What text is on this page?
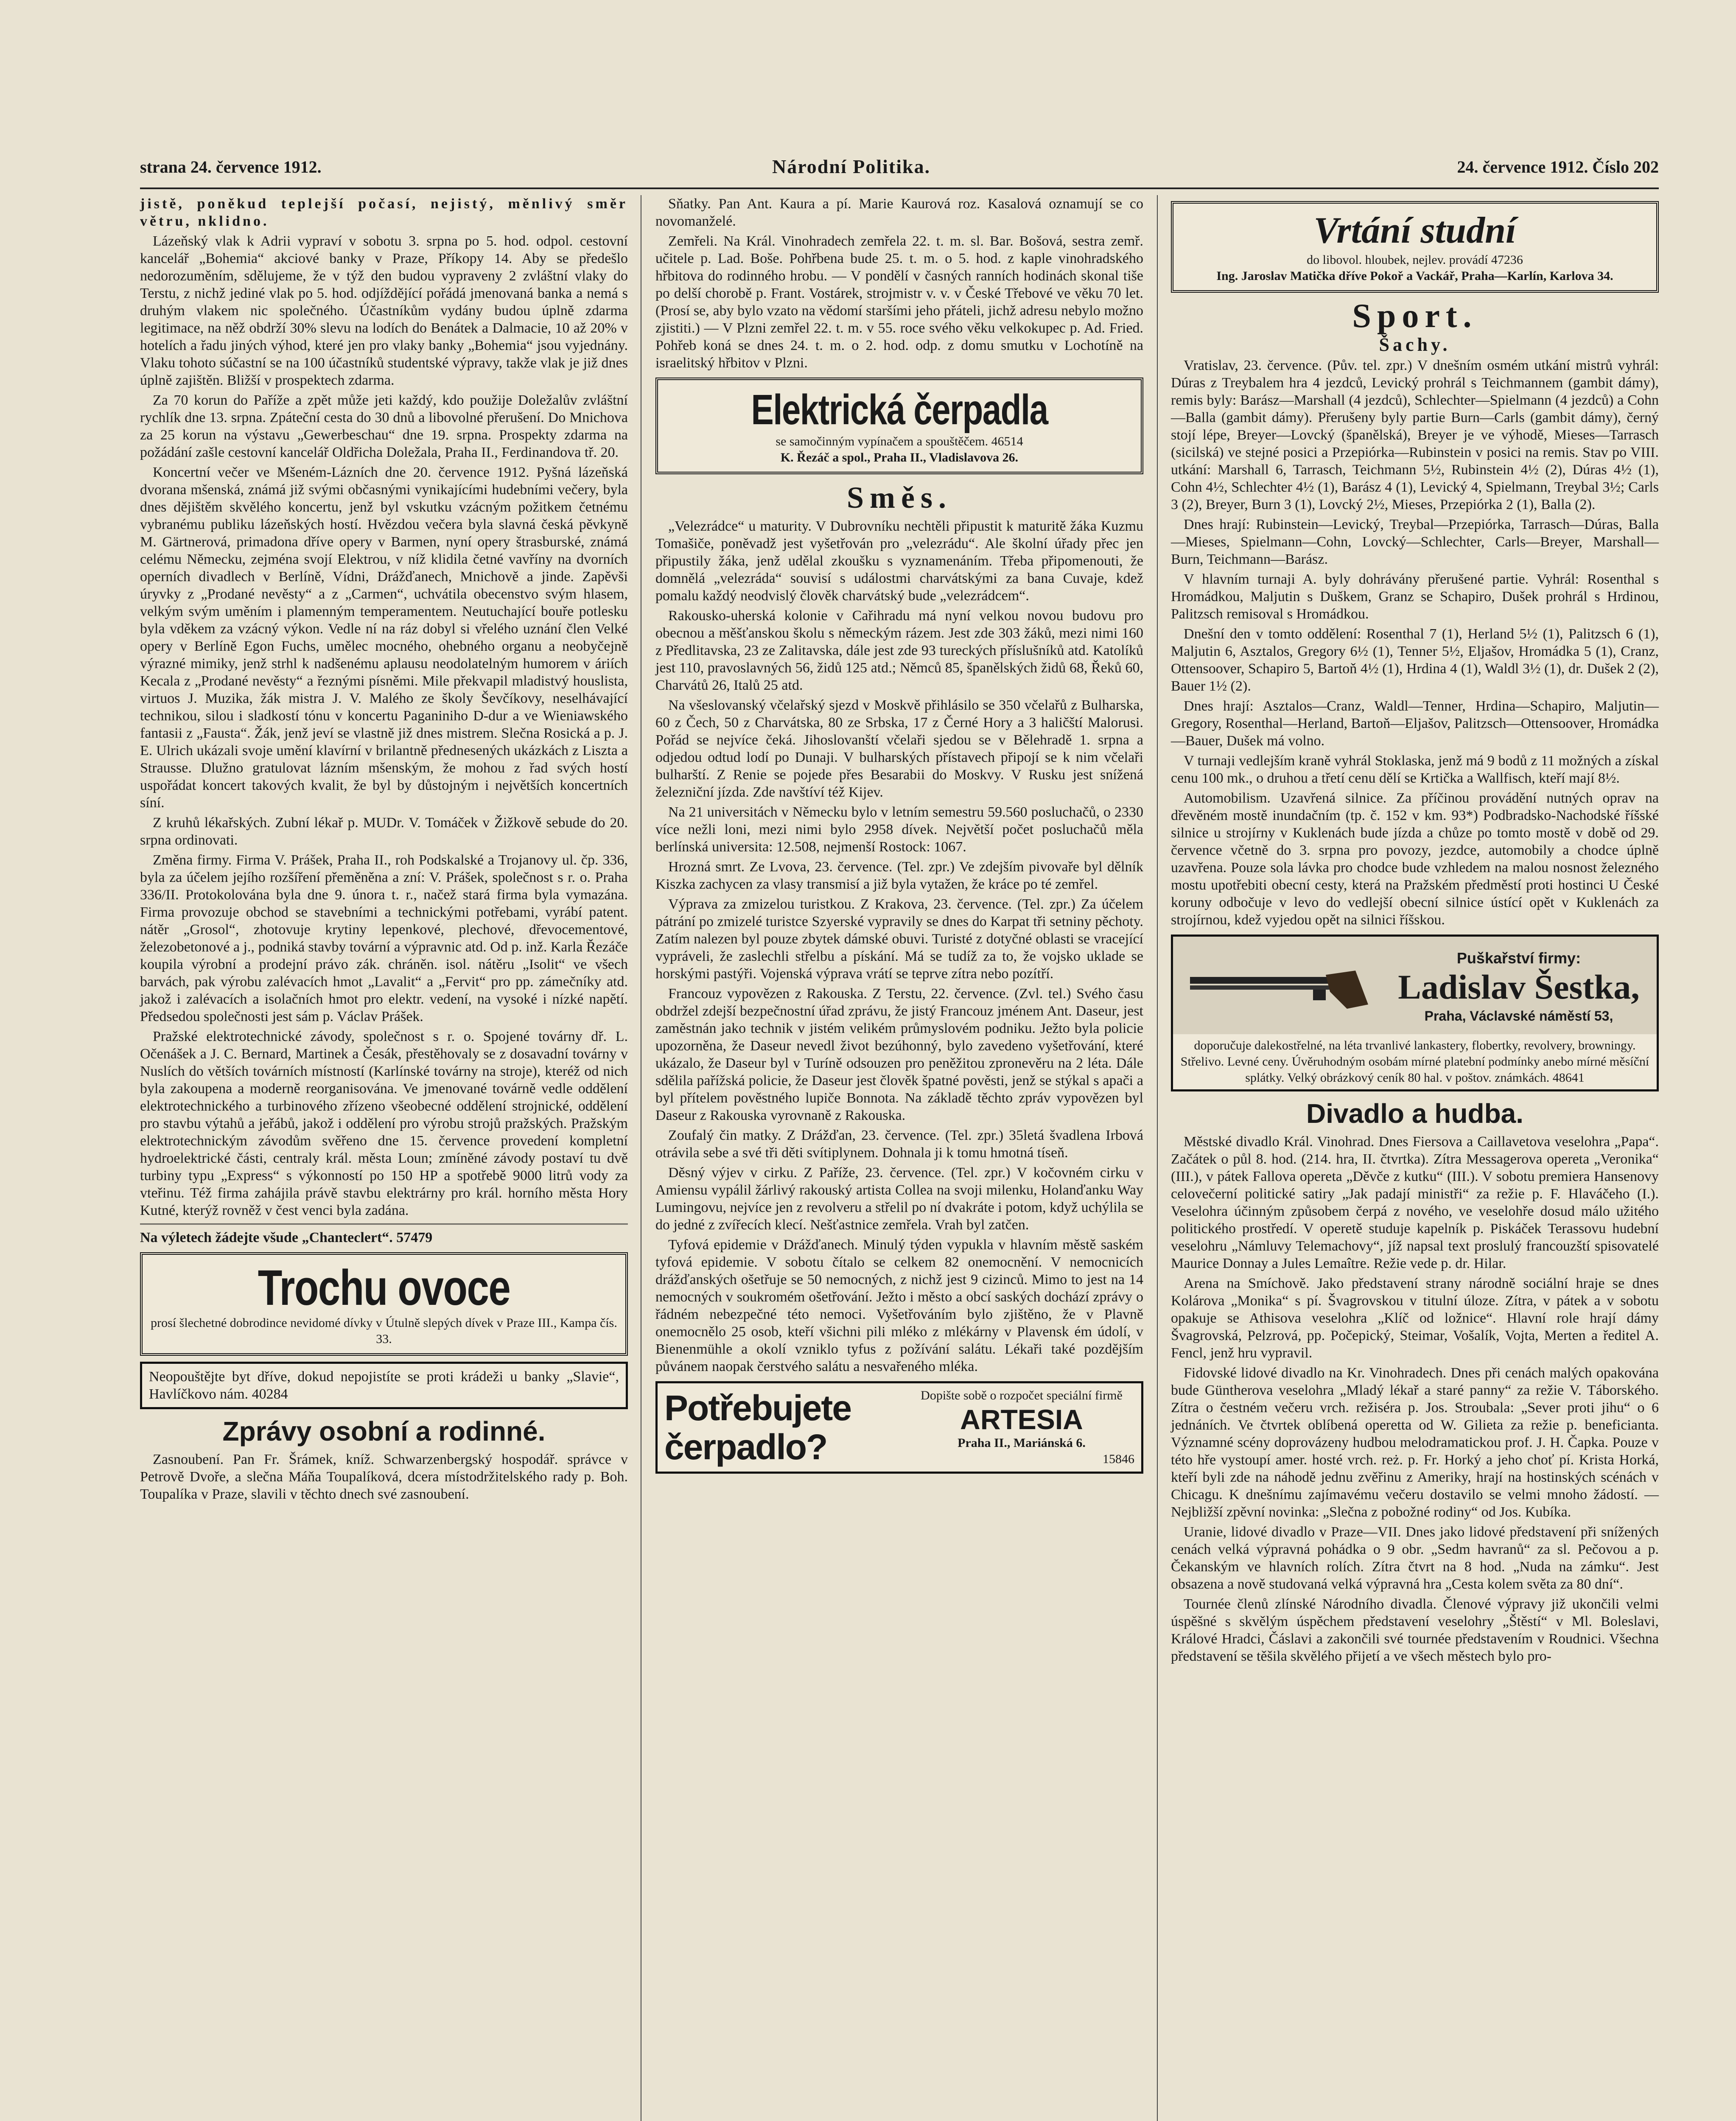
strana 24. července 1912.	Národní Politika.	24. července 1912. Číslo 202

jistě, poněkud teplejší počasí, nejistý, měnlivý směr větru, nklidno.

Lázeňský vlak k Adrii vypraví v sobotu 3. srpna po 5. hod. odpol. cestovní kancelář „Bohemia“ akciové banky v Praze, Příkopy 14. Aby se předešlo nedorozuměním, sdělujeme, že v týž den budou vypraveny 2 zvláštní vlaky do Terstu, z nichž jediné vlak po 5. hod. odjíždějící pořádá jmenovaná banka a nemá s druhým vlakem nic společného. Účastníkům vydány budou úplně zdarma legitimace, na něž obdrží 30% slevu na lodích do Benátek a Dalmacie, 10 až 20% v hotelích a řadu jiných výhod, které jen pro vlaky banky „Bohemia“ jsou vyjednány. Vlaku tohoto súčastní se na 100 účastníků studentské výpravy, takže vlak je již dnes úplně zajištěn. Bližší v prospektech zdarma.

Za 70 korun do Paříže a zpět může jeti každý, kdo použije Doležalův zvláštní rychlík dne 13. srpna. Zpáteční cesta do 30 dnů a libovolné přerušení. Do Mnichova za 25 korun na výstavu „Gewerbeschau“ dne 19. srpna. Prospekty zdarma na požádání zašle cestovní kancelář Oldřicha Doležala, Praha II., Ferdinandova tř. 20.

Koncertní večer ve Mšeném-Lázních dne 20. července 1912. Pyšná lázeňská dvorana mšenská, známá již svými občasnými vynikajícími hudebními večery, byla dnes dějištěm skvělého koncertu, jenž byl vskutku vzácným požitkem četnému vybranému publiku lázeňských hostí. Hvězdou večera byla slavná česká pěvkyně M. Gärtnerová, primadona dříve opery v Barmen, nyní opery štrasburské, známá celému Německu, zejména svojí Elektrou, v níž klidila četné vavříny na dvorních operních divadlech v Berlíně, Vídni, Drážďanech, Mnichově a jinde. Zapěvši úryvky z „Prodané nevěsty“ a z „Carmen“, uchvátila obecenstvo svým hlasem, velkým svým uměním i plamenným temperamentem. Neutuchající bouře potlesku byla vděkem za vzácný výkon. Vedle ní na ráz dobyl si vřelého uznání člen Velké opery v Berlíně Egon Fuchs, umělec mocného, ohebného organu a neobyčejně výrazné mimiky, jenž strhl k nadšenému aplausu neodolatelným humorem v áriích Kecala z „Prodané nevěsty“ a řeznými písněmi. Mile překvapil mladistvý houslista, virtuos J. Muzika, žák mistra J. V. Malého ze školy Ševčíkovy, neselhávající technikou, silou i sladkostí tónu v koncertu Paganiniho D-dur a ve Wieniawského fantasii z „Fausta“. Žák, jenž jeví se vlastně již dnes mistrem. Slečna Rosická a p. J. E. Ulrich ukázali svoje umění klavírní v brilantně přednesených ukázkách z Liszta a Strausse. Dlužno gratulovat lázním mšenským, že mohou z řad svých hostí uspořádat koncert takových kvalit, že byl by důstojným i největších koncertních síní.

Z kruhů lékařských. Zubní lékař p. MUDr. V. Tomáček v Žižkově sebude do 20. srpna ordinovati.

Změna firmy. Firma V. Prášek, Praha II., roh Podskalské a Trojanovy ul. čp. 336, byla za účelem jejího rozšíření přeměněna a zní: V. Prášek, společnost s r. o. Praha 336/II. Protokolována byla dne 9. února t. r., načež stará firma byla vymazána. Firma provozuje obchod se stavebními a technickými potřebami, vyrábí patent. nátěr „Grosol“, zhotovuje krytiny lepenkové, plechové, dřevocementové, železobetonové a j., podniká stavby tovární a výpravnic atd. Od p. inž. Karla Řezáče koupila výrobní a prodejní právo zák. chráněn. isol. nátěru „Isolit“ ve všech barvách, pak výrobu zalévacích hmot „Lavalit“ a „Fervit“ pro pp. zámečníky atd. jakož i zalévacích a isolačních hmot pro elektr. vedení, na vysoké i nízké napětí. Předsedou společnosti jest sám p. Václav Prášek.

Pražské elektrotechnické závody, společnost s r. o. Spojené továrny dř. L. Očenášek a J. C. Bernard, Martinek a Česák, přestěhovaly se z dosavadní továrny v Nuslích do větších továrních místností (Karlínské továrny na stroje), kteréž od nich byla zakoupena a moderně reorganisována. Ve jmenované továrně vedle oddělení elektrotechnického a turbinového zřízeno všeobecné oddělení strojnické, oddělení pro stavbu výtahů a jeřábů, jakož i oddělení pro výrobu strojů pražských. Pražským elektrotechnickým závodům svěřeno dne 15. července provedení kompletní hydroelektrické části, centraly král. města Loun; zmíněné závody postaví tu dvě turbiny typu „Express“ s výkonností po 150 HP a spotřebě 9000 litrů vody za vteřinu. Též firma zahájila právě stavbu elektrárny pro král. horního města Hory Kutné, kterýž rovněž v čest venci byla zadána.

Na výletech žádejte všude „Chanteclert“. 57479

Trochu ovoce
prosí šlechetné dobrodince nevidomé dívky v Útulně slepých dívek v Praze III., Kampa čís. 33.
Neopouštějte byt dříve, dokud nepojistíte se proti krádeži u banky „Slavie“, Havlíčkovo nám. 40284
Zprávy osobní a rodinné.

Zasnoubení. Pan Fr. Šrámek, kníž. Schwarzenbergský hospodář. správce v Petrově Dvoře, a slečna Máňa Toupalíková, dcera místodržitelského rady p. Boh. Toupalíka v Praze, slavili v těchto dnech své zasnoubení.

Sňatky. Pan Ant. Kaura a pí. Marie Kaurová roz. Kasalová oznamují se co novomanželé.

Zemřeli. Na Král. Vinohradech zemřela 22. t. m. sl. Bar. Bošová, sestra zemř. učitele p. Lad. Boše. Pohřbena bude 25. t. m. o 5. hod. z kaple vinohradského hřbitova do rodinného hrobu. — V pondělí v časných ranních hodinách skonal tiše po delší chorobě p. Frant. Vostárek, strojmistr v. v. v České Třebové ve věku 70 let. (Prosí se, aby bylo vzato na vědomí staršími jeho přáteli, jichž adresu nebylo možno zjistiti.) — V Plzni zemřel 22. t. m. v 55. roce svého věku velkokupec p. Ad. Fried. Pohřeb koná se dnes 24. t. m. o 2. hod. odp. z domu smutku v Lochotíně na israelitský hřbitov v Plzni.

Elektrická čerpadla
se samočinným vypínačem a spouštěčem. 46514
K. Řezáč a spol., Praha II., Vladislavova 26.
Směs.

„Velezrádce“ u maturity. V Dubrovníku nechtěli připustit k maturitě žáka Kuzmu Tomašiče, poněvadž jest vyšetřován pro „velezrádu“. Ale školní úřady přec jen připustily žáka, jenž udělal zkoušku s vyznamenáním. Třeba připomenouti, že domnělá „velezráda“ souvisí s událostmi charvátskými za bana Cuvaje, kdež pomalu každý neodvislý člověk charvátský bude „velezrádcem“.

Rakousko-uherská kolonie v Cařihradu má nyní velkou novou budovu pro obecnou a měšťanskou školu s německým rázem. Jest zde 303 žáků, mezi nimi 160 z Předlitavska, 23 ze Zalitavska, dále jest zde 93 tureckých příslušníků atd. Katolíků jest 110, pravoslavných 56, židů 125 atd.; Němců 85, španělských židů 68, Řeků 60, Charvátů 26, Italů 25 atd.

Na všeslovanský včelařský sjezd v Moskvě přihlásilo se 350 včelařů z Bulharska, 60 z Čech, 50 z Charvátska, 80 ze Srbska, 17 z Černé Hory a 3 haličští Malorusi. Pořád se nejvíce čeká. Jihoslovanští včelaři sjedou se v Bělehradě 1. srpna a odjedou odtud lodí po Dunaji. V bulharských přístavech připojí se k nim včelaři bulharští. Z Renie se pojede přes Besarabii do Moskvy. V Rusku jest snížená železniční jízda. Zde navštíví též Kijev.

Na 21 universitách v Německu bylo v letním semestru 59.560 posluchačů, o 2330 více nežli loni, mezi nimi bylo 2958 dívek. Největší počet posluchačů měla berlínská universita: 12.508, nejmenší Rostock: 1067.

Hrozná smrt. Ze Lvova, 23. července. (Tel. zpr.) Ve zdejším pivovaře byl dělník Kiszka zachycen za vlasy transmisí a již byla vytažen, že kráce po té zemřel.

Výprava za zmizelou turistkou. Z Krakova, 23. července. (Tel. zpr.) Za účelem pátrání po zmizelé turistce Szyerské vypravily se dnes do Karpat tři setniny pěchoty. Zatím nalezen byl pouze zbytek dámské obuvi. Turisté z dotyčné oblasti se vracející vypráveli, že zaslechli střelbu a pískání. Má se tudíž za to, že vojsko uklade se horskými pastýři. Vojenská výprava vrátí se teprve zítra nebo pozítří.

Francouz vypovězen z Rakouska. Z Terstu, 22. července. (Zvl. tel.) Svého času obdržel zdejší bezpečnostní úřad zprávu, že jistý Francouz jménem Ant. Daseur, jest zaměstnán jako technik v jistém velikém průmyslovém podniku. Ježto byla policie upozorněna, že Daseur nevedl život bezúhonný, bylo zavedeno vyšetřování, které ukázalo, že Daseur byl v Turíně odsouzen pro peněžitou zpronevěru na 2 léta. Dále sdělila pařížská policie, že Daseur jest člověk špatné pověsti, jenž se stýkal s apači a byl přítelem pověstného lupiče Bonnota. Na základě těchto zpráv vypovězen byl Daseur z Rakouska vyrovnaně z Rakouska.

Zoufalý čin matky. Z Drážďan, 23. července. (Tel. zpr.) 35letá švadlena Irbová otrávila sebe a své tři děti svítiplynem. Dohnala ji k tomu hmotná tíseň.

Děsný výjev v cirku. Z Paříže, 23. července. (Tel. zpr.) V kočovném cirku v Amiensu vypálil žárlivý rakouský artista Collea na svoji milenku, Holanďanku Way Lumingovu, nejvíce jen z revolveru a střelil po ní dvakráte i potom, když uchýlila se do jedné z zvířecích klecí. Nešťastnice zemřela. Vrah byl zatčen.

Tyfová epidemie v Drážďanech. Minulý týden vypukla v hlavním městě saském tyfová epidemie. V sobotu čítalo se celkem 82 onemocnění. V nemocnicích drážďanských ošetřuje se 50 nemocných, z nichž jest 9 cizinců. Mimo to jest na 14 nemocných v soukromém ošetřování. Ježto i město a obcí saských dochází zprávy o řádném nebezpečné této nemoci. Vyšetřováním bylo zjištěno, že v Plavně onemocnělo 25 osob, kteří všichni pili mléko z mlékárny v Plavensk ém údolí, v Bienenmühle a okolí vzniklo tyfus z požívání salátu. Lékaři také pozdějším půvánem naopak čerstvého salátu a nesvařeného mléka.

Potřebujete čerpadlo?
Dopište sobě o rozpočet speciální firmě
ARTESIA
Praha II., Mariánská 6.
15846
Vrtání studní
do libovol. hloubek, nejlev. provádí 47236
Ing. Jaroslav Matička dříve Pokoř a Vackář, Praha—Karlín, Karlova 34.
Sport.
Šachy.

Vratislav, 23. července. (Pův. tel. zpr.) V dnešním osmém utkání mistrů vyhrál: Dúras z Treybalem hra 4 jezdců, Levický prohrál s Teichmannem (gambit dámy), remis byly: Barász—Marshall (4 jezdců), Schlechter—Spielmann (4 jezdců) a Cohn—Balla (gambit dámy). Přerušeny byly partie Burn—Carls (gambit dámy), černý stojí lépe, Breyer—Lovcký (španělská), Breyer je ve výhodě, Mieses—Tarrasch (sicilská) ve stejné posici a Przepiórka—Rubinstein v posici na remis. Stav po VIII. utkání: Marshall 6, Tarrasch, Teichmann 5½, Rubinstein 4½ (2), Dúras 4½ (1), Cohn 4½, Schlechter 4½ (1), Barász 4 (1), Levický 4, Spielmann, Treybal 3½; Carls 3 (2), Breyer, Burn 3 (1), Lovcký 2½, Mieses, Przepiórka 2 (1), Balla (2).

Dnes hrají: Rubinstein—Levický, Treybal—Przepiórka, Tarrasch—Dúras, Balla—Mieses, Spielmann—Cohn, Lovcký—Schlechter, Carls—Breyer, Marshall—Burn, Teichmann—Barász.

V hlavním turnaji A. byly dohrávány přerušené partie. Vyhrál: Rosenthal s Hromádkou, Maljutin s Duškem, Granz se Schapiro, Dušek prohrál s Hrdinou, Palitzsch remisoval s Hromádkou.

Dnešní den v tomto oddělení: Rosenthal 7 (1), Herland 5½ (1), Palitzsch 6 (1), Maljutin 6, Asztalos, Gregory 6½ (1), Tenner 5½, Eljašov, Hromádka 5 (1), Cranz, Ottensoover, Schapiro 5, Bartoň 4½ (1), Hrdina 4 (1), Waldl 3½ (1), dr. Dušek 2 (2), Bauer 1½ (2).

Dnes hrají: Asztalos—Cranz, Waldl—Tenner, Hrdina—Schapiro, Maljutin—Gregory, Rosenthal—Herland, Bartoň—Eljašov, Palitzsch—Ottensoover, Hromádka—Bauer, Dušek má volno.

V turnaji vedlejším kraně vyhrál Stoklaska, jenž má 9 bodů z 11 možných a získal cenu 100 mk., o druhou a třetí cenu dělí se Krtička a Wallfisch, kteří mají 8½.

Automobilism. Uzavřená silnice. Za příčinou provádění nutných oprav na dřevěném mostě inundačním (tp. č. 152 v km. 93*) Podbradsko-Nachodské říšské silnice u strojírny v Kuklenách bude jízda a chůze po tomto mostě v době od 29. července včetně do 3. srpna pro povozy, jezdce, automobily a chodce úplně uzavřena. Pouze sola lávka pro chodce bude vzhledem na malou nosnost železného mostu upotřebiti obecní cesty, která na Pražském předměstí proti hostinci U České koruny odbočuje v levo do vedlejší obecní silnice ústící opět v Kuklenách za strojírnou, kdež vyjedou opět na silnici říšskou.

Puškařství firmy:
Ladislav Šestka,
Praha, Václavské náměstí 53,
doporučuje dalekostřelné, na léta trvanlivé lankastery, flobertky, revolvery, browningy. Střelivo. Levné ceny. Úvěruhodným osobám mírné platební podmínky anebo mírné měsíční splátky. Velký obrázkový ceník 80 hal. v poštov. známkách. 48641
Divadlo a hudba.

Městské divadlo Král. Vinohrad. Dnes Fiersova a Caillavetova veselohra „Papa“. Začátek o půl 8. hod. (214. hra, II. čtvrtka). Zítra Messagerova opereta „Veronika“ (III.), v pátek Fallova opereta „Děvče z kutku“ (III.). V sobotu premiera Hansenovy celovečerní politické satiry „Jak padají ministři“ za režie p. F. Hlaváčeho (I.). Veselohra účinným způsobem čerpá z nového, ve veselohře dosud málo užitého politického prostředí. V operetě studuje kapelník p. Piskáček Terassovu hudební veselohru „Námluvy Telemachovy“, jíž napsal text proslulý francouzští spisovatelé Maurice Donnay a Jules Lemaître. Režie vede p. dr. Hilar.

Arena na Smíchově. Jako představení strany národně sociální hraje se dnes Kolárova „Monika“ s pí. Švagrovskou v titulní úloze. Zítra, v pátek a v sobotu opakuje se Athisova veselohra „Klíč od ložnice“. Hlavní role hrají dámy Švagrovská, Pelzrová, pp. Počepický, Steimar, Vošalík, Vojta, Merten a ředitel A. Fencl, jenž hru vypravil.

Fidovské lidové divadlo na Kr. Vinohradech. Dnes při cenách malých opakována bude Güntherova veselohra „Mladý lékař a staré panny“ za režie V. Táborského. Zítra o čestném večeru vrch. režiséra p. Jos. Stroubala: „Sever proti jihu“ o 6 jednáních. Ve čtvrtek oblíbená operetta od W. Gilieta za režie p. beneficianta. Významné scény doprovázeny hudbou melodramatickou prof. J. H. Čapka. Pouze v této hře vystoupí amer. hosté vrch. reż. p. Fr. Horký a jeho choť pí. Krista Horká, kteří byli zde na náhodě jednu zvěřinu z Ameriky, hrají na hostinských scénách v Chicagu. K dnešnímu zajímavému večeru dostavilo se velmi mnoho žádostí. — Nejbližší zpěvní novinka: „Slečna z pobožné rodiny“ od Jos. Kubíka.

Uranie, lidové divadlo v Praze—VII. Dnes jako lidové představení při snížených cenách velká výpravná pohádka o 9 obr. „Sedm havranů“ za sl. Pečovou a p. Čekanským ve hlavních rolích. Zítra čtvrt na 8 hod. „Nuda na zámku“. Jest obsazena a nově studovaná velká výpravná hra „Cesta kolem světa za 80 dní“.

Tournée členů zlínské Národního divadla. Členové výpravy již ukončili velmi úspěšné s skvělým úspěchem představení veselohry „Štěstí“ v Ml. Boleslavi, Králové Hradci, Čáslavi a zakončili své tournée představením v Roudnici. Všechna představení se těšila skvělého přijetí a ve všech městech bylo pro-
